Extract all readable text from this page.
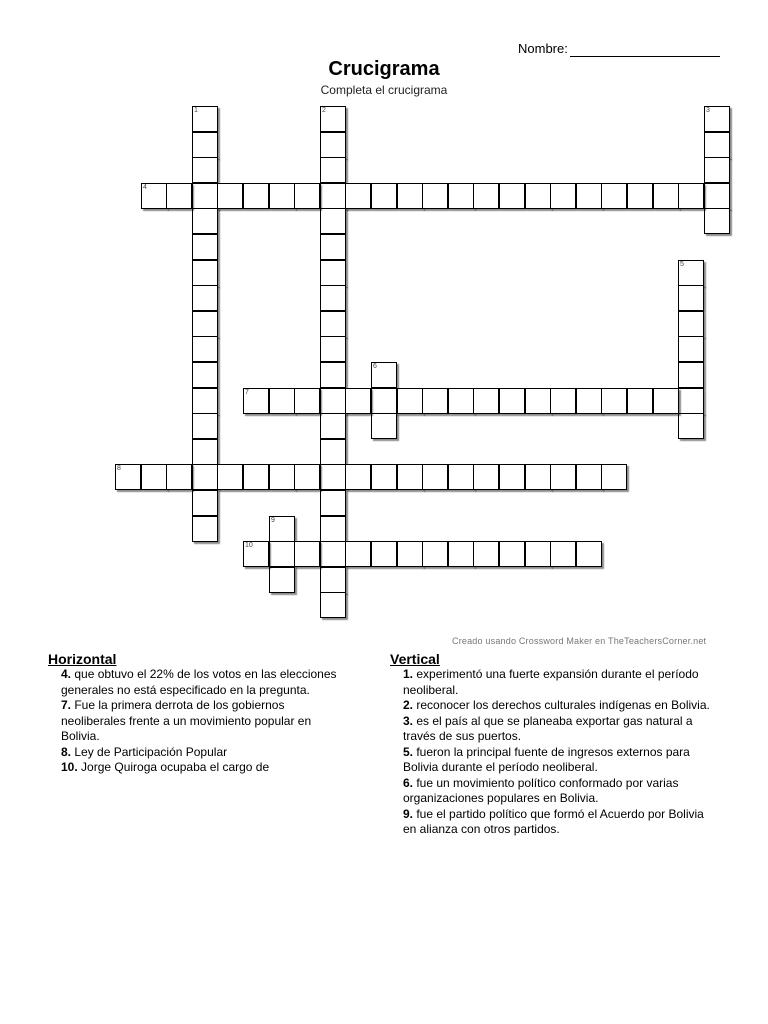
Nombre:
Crucigrama
Completa el crucigrama
1	2	3
4
5
6
7
8
9
10
Creado usando Crossword Maker en TheTeachersCorner.net
Horizontal
4. que obtuvo el 22% de los votos en las elecciones generales no está especificado en la pregunta.
7. Fue la primera derrota de los gobiernos neoliberales frente a un movimiento popular en Bolivia.
8. Ley de Participación Popular
10. Jorge Quiroga ocupaba el cargo de
Vertical
1. experimentó una fuerte expansión durante el período neoliberal.
2. reconocer los derechos culturales indígenas en Bolivia.
3. es el país al que se planeaba exportar gas natural a través de sus puertos.
5. fueron la principal fuente de ingresos externos para Bolivia durante el período neoliberal.
6. fue un movimiento político conformado por varias organizaciones populares en Bolivia.
9. fue el partido político que formó el Acuerdo por Bolivia en alianza con otros partidos.
